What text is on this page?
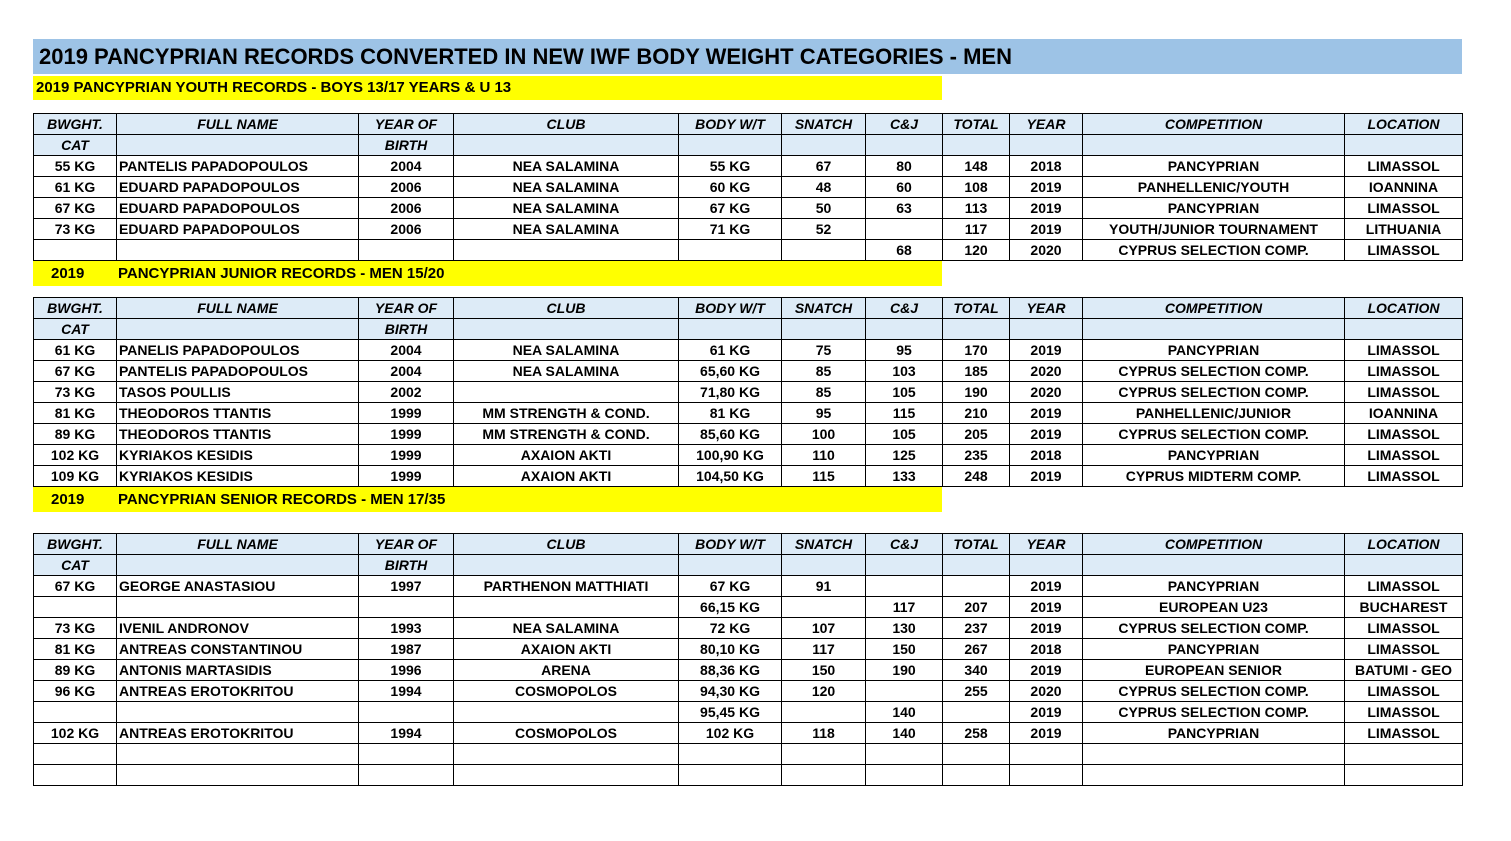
2019 PANCYPRIAN RECORDS CONVERTED IN NEW IWF BODY WEIGHT CATEGORIES - MEN
2019 PANCYPRIAN YOUTH RECORDS - BOYS 13/17 YEARS & U 13
BWGHT.	FULL NAME	YEAR OF	CLUB	BODY W/T	SNATCH	C&J	TOTAL	YEAR	COMPETITION	LOCATION
CAT		BIRTH								
55 KG	PANTELIS PAPADOPOULOS	2004	NEA SALAMINA	55 KG	67	80	148	2018	PANCYPRIAN	LIMASSOL
61 KG	EDUARD PAPADOPOULOS	2006	NEA SALAMINA	60 KG	48	60	108	2019	PANHELLENIC/YOUTH	IOANNINA
67 KG	EDUARD PAPADOPOULOS	2006	NEA SALAMINA	67 KG	50	63	113	2019	PANCYPRIAN	LIMASSOL
73 KG	EDUARD PAPADOPOULOS	2006	NEA SALAMINA	71 KG	52		117	2019	YOUTH/JUNIOR TOURNAMENT	LITHUANIA
						68	120	2020	CYPRUS SELECTION COMP.	LIMASSOL
2019 PANCYPRIAN JUNIOR RECORDS - MEN 15/20
BWGHT.	FULL NAME	YEAR OF	CLUB	BODY W/T	SNATCH	C&J	TOTAL	YEAR	COMPETITION	LOCATION
CAT		BIRTH								
61 KG	PANELIS PAPADOPOULOS	2004	NEA SALAMINA	61 KG	75	95	170	2019	PANCYPRIAN	LIMASSOL
67 KG	PANTELIS PAPADOPOULOS	2004	NEA SALAMINA	65,60 KG	85	103	185	2020	CYPRUS SELECTION COMP.	LIMASSOL
73 KG	TASOS POULLIS	2002		71,80 KG	85	105	190	2020	CYPRUS SELECTION COMP.	LIMASSOL
81 KG	THEODOROS TTANTIS	1999	MM STRENGTH & COND.	81 KG	95	115	210	2019	PANHELLENIC/JUNIOR	IOANNINA
89 KG	THEODOROS TTANTIS	1999	MM STRENGTH & COND.	85,60 KG	100	105	205	2019	CYPRUS SELECTION COMP.	LIMASSOL
102 KG	KYRIAKOS KESIDIS	1999	AXAION AKTI	100,90 KG	110	125	235	2018	PANCYPRIAN	LIMASSOL
109 KG	KYRIAKOS KESIDIS	1999	AXAION AKTI	104,50 KG	115	133	248	2019	CYPRUS MIDTERM COMP.	LIMASSOL
2019 PANCYPRIAN SENIOR RECORDS - MEN 17/35
BWGHT.	FULL NAME	YEAR OF	CLUB	BODY W/T	SNATCH	C&J	TOTAL	YEAR	COMPETITION	LOCATION
CAT		BIRTH								
67 KG	GEORGE ANASTASIOU	1997	PARTHENON MATTHIATI	67 KG	91			2019	PANCYPRIAN	LIMASSOL
				66,15 KG		117	207	2019	EUROPEAN U23	BUCHAREST
73 KG	IVENIL ANDRONOV	1993	NEA SALAMINA	72 KG	107	130	237	2019	CYPRUS SELECTION COMP.	LIMASSOL
81 KG	ANTREAS CONSTANTINOU	1987	AXAION AKTI	80,10 KG	117	150	267	2018	PANCYPRIAN	LIMASSOL
89 KG	ANTONIS MARTASIDIS	1996	ARENA	88,36 KG	150	190	340	2019	EUROPEAN SENIOR	BATUMI - GEO
96 KG	ANTREAS EROTOKRITOU	1994	COSMOPOLOS	94,30 KG	120		255	2020	CYPRUS SELECTION COMP.	LIMASSOL
				95,45 KG		140		2019	CYPRUS SELECTION COMP.	LIMASSOL
102 KG	ANTREAS EROTOKRITOU	1994	COSMOPOLOS	102 KG	118	140	258	2019	PANCYPRIAN	LIMASSOL
